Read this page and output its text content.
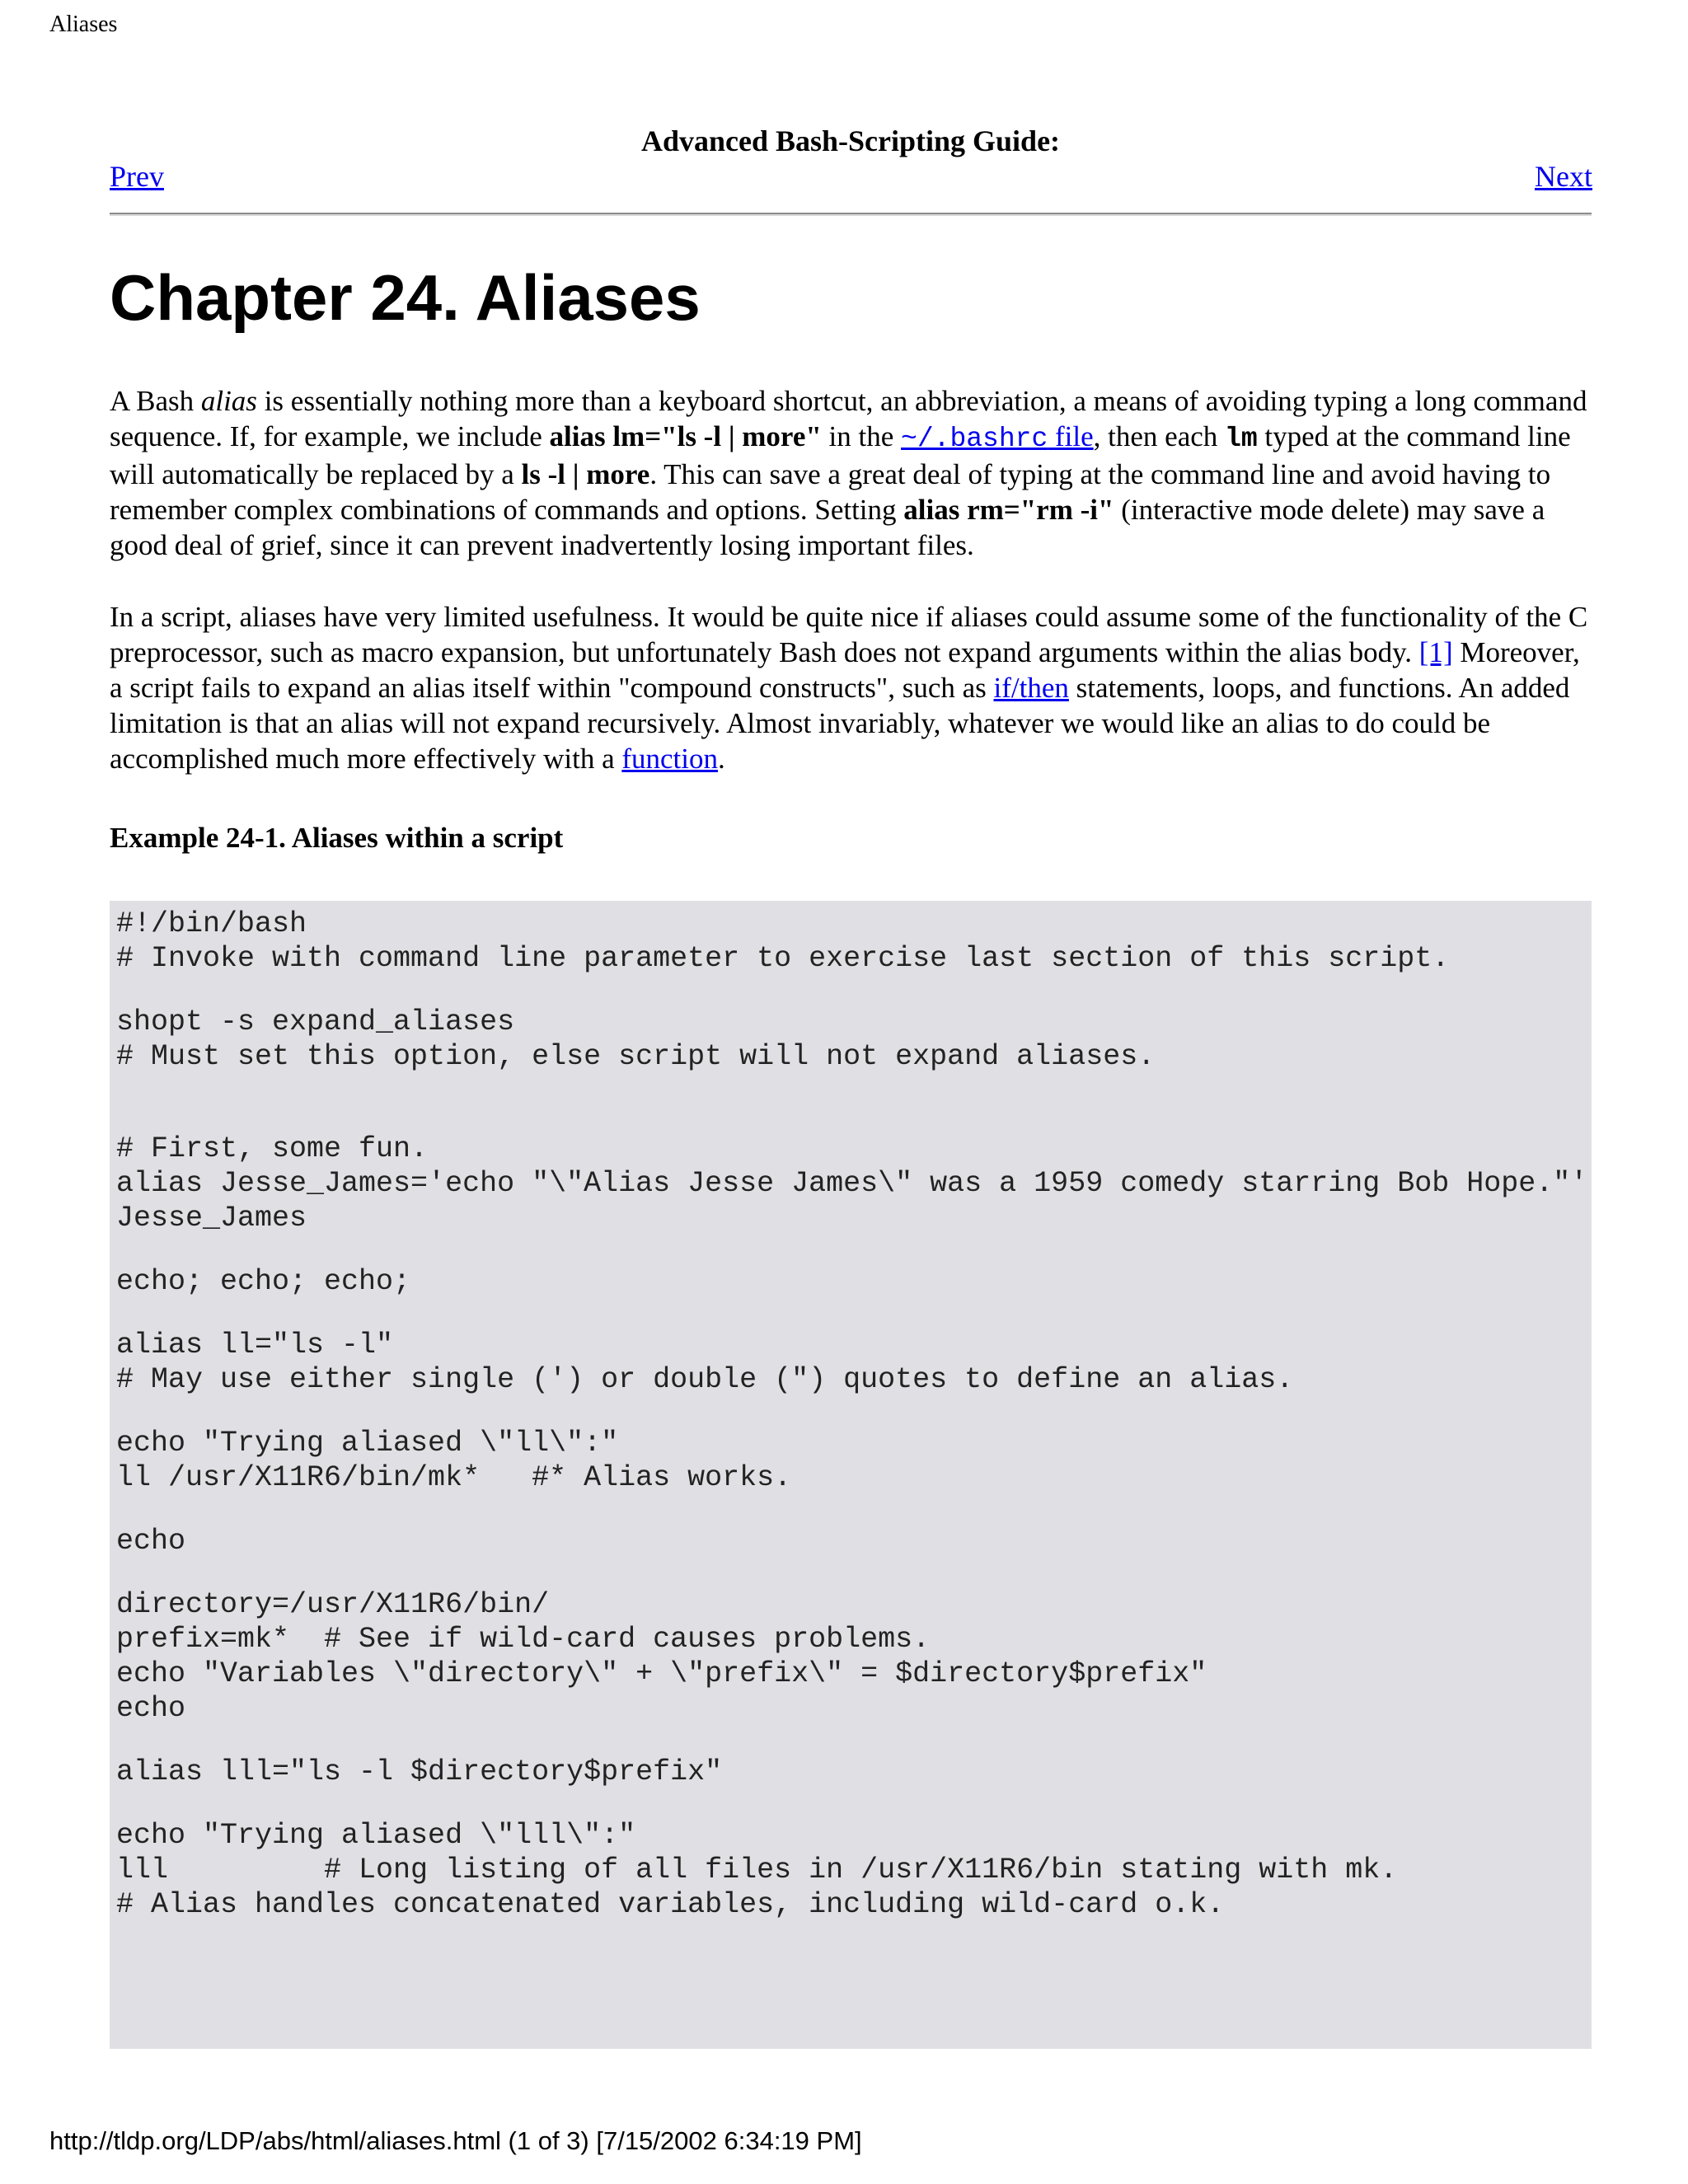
Aliases
Advanced Bash-Scripting Guide:
Prev	Next
Chapter 24. Aliases

A Bash alias is essentially nothing more than a keyboard shortcut, an abbreviation, a means of avoiding typing a long command sequence. If, for example, we include alias lm="ls -l | more" in the ~/.bashrc file, then each lm typed at the command line will automatically be replaced by a ls -l | more. This can save a great deal of typing at the command line and avoid having to remember complex combinations of commands and options. Setting alias rm="rm -i" (interactive mode delete) may save a good deal of grief, since it can prevent inadvertently losing important files.

In a script, aliases have very limited usefulness. It would be quite nice if aliases could assume some of the functionality of the C preprocessor, such as macro expansion, but unfortunately Bash does not expand arguments within the alias body. [1] Moreover, a script fails to expand an alias itself within "compound constructs", such as if/then statements, loops, and functions. An added limitation is that an alias will not expand recursively. Almost invariably, whatever we would like an alias to do could be accomplished much more effectively with a function.

Example 24-1. Aliases within a script
#!/bin/bash
# Invoke with command line parameter to exercise last section of this script.

shopt -s expand_aliases
# Must set this option, else script will not expand aliases.

# First, some fun.
alias Jesse_James='echo "\"Alias Jesse James\" was a 1959 comedy starring Bob Hope."'
Jesse_James

echo; echo; echo;

alias ll="ls -l"
# May use either single (') or double (") quotes to define an alias.

echo "Trying aliased \"ll\":"
ll /usr/X11R6/bin/mk*   #* Alias works.

echo

directory=/usr/X11R6/bin/
prefix=mk*  # See if wild-card causes problems.
echo "Variables \"directory\" + \"prefix\" = $directory$prefix"
echo

alias lll="ls -l $directory$prefix"

echo "Trying aliased \"lll\":"
lll         # Long listing of all files in /usr/X11R6/bin stating with mk.
# Alias handles concatenated variables, including wild-card o.k.
http://tldp.org/LDP/abs/html/aliases.html (1 of 3) [7/15/2002 6:34:19 PM]
